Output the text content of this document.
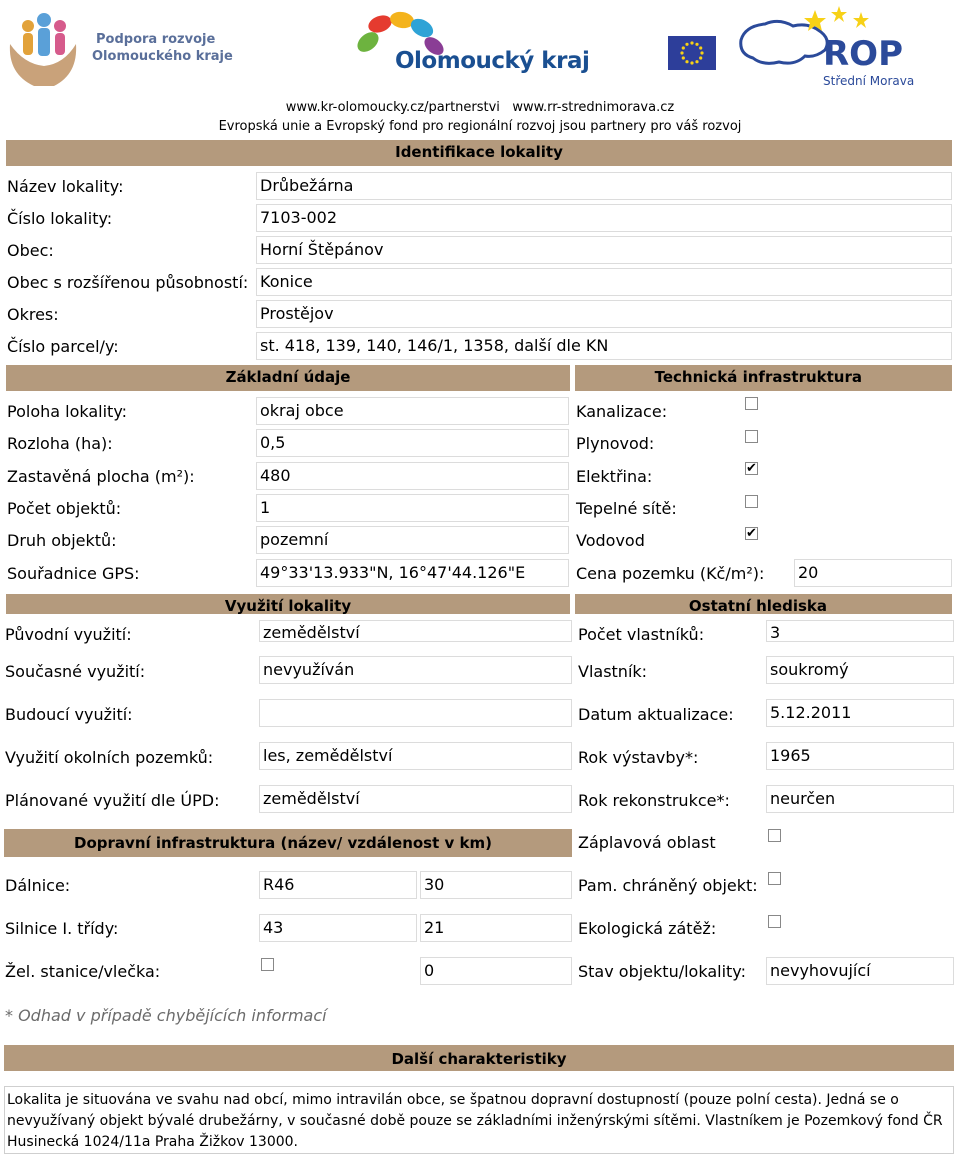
Podpora rozvoje
Olomouckého kraje	Olomoucký kraj	ROP
Střední Morava
www.kr-olomoucky.cz/partnerstvi   www.rr-strednimorava.cz
Evropská unie a Evropský fond pro regionální rozvoj jsou partnery pro váš rozvoj
Identifikace lokality
Název lokality:	Drůbežárna
Číslo lokality:	7103-002
Obec:	Horní Štěpánov
Obec s rozšířenou působností: Konice
Okres:	Prostějov
Číslo parcel/y:	st. 418, 139, 140, 146/1, 1358, další dle KN
Základní údaje	Technická infrastruktura
Poloha lokality:	okraj obce
Rozloha (ha):	0,5
Zastavěná plocha (m²):	480
Počet objektů:	1
Druh objektů:	pozemní
Souřadnice GPS:	49°33'13.933"N, 16°47'44.126"E
Kanalizace:
Plynovod:
Elektřina:	✔
Tepelné sítě:
Vodovod	✔
Cena pozemku (Kč/m²): 20
Využití lokality	Ostatní hlediska
Původní využití:	zemědělství
Současné využití:	nevyužíván
Budoucí využití:
Využití okolních pozemků:	les, zemědělství
Plánované využití dle ÚPD:	zemědělství
Počet vlastníků:	3
Vlastník:	soukromý
Datum aktualizace: 5.12.2011
Rok výstavby*:	1965
Rok rekonstrukce*:	neurčen
Dopravní infrastruktura (název/ vzdálenost v km)	Záplavová oblast
Dálnice:	R46	30	Pam. chráněný objekt:
Silnice I. třídy:	43	21	Ekologická zátěž:
Žel. stanice/vlečka:	0	Stav objektu/lokality: nevyhovující
* Odhad v případě chybějících informací
Další charakteristiky
Lokalita je situována ve svahu nad obcí, mimo intravilán obce, se špatnou dopravní dostupností (pouze polní cesta). Jedná se o nevyužívaný objekt bývalé drubežárny, v současné době pouze se základními inženýrskými sítěmi. Vlastníkem je Pozemkový fond ČR Husinecká 1024/11a Praha Žižkov 13000.
